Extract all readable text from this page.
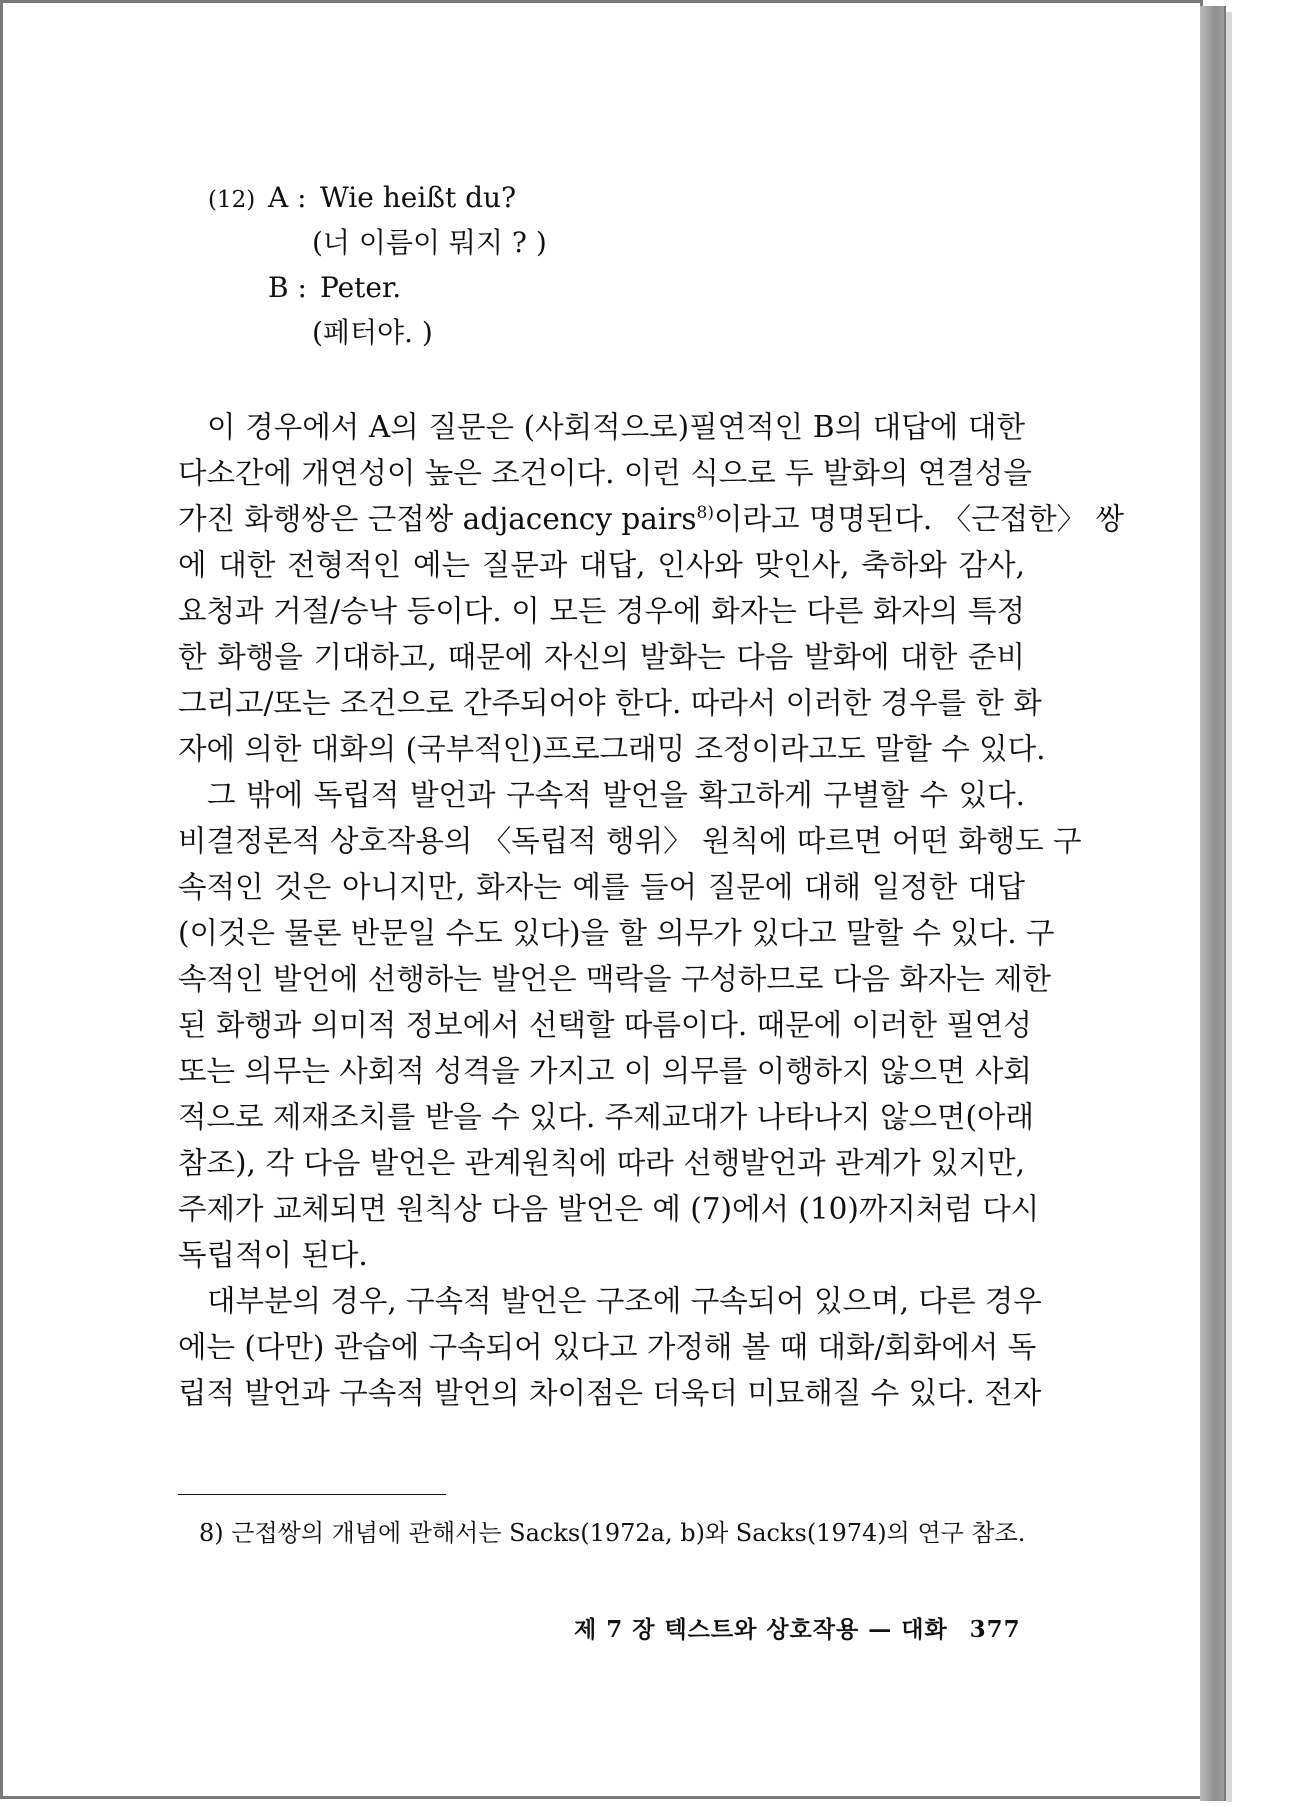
(12) A : Wie heißt du?
(너 이름이 뭐지 ? )
B : Peter.
(페터야. )
이 경우에서 A의 질문은 (사회적으로)필연적인 B의 대답에 대한
다소간에 개연성이 높은 조건이다. 이런 식으로 두 발화의 연결성을
가진 화행쌍은 근접쌍 adjacency pairs$^{8)}$이라고 명명된다. 〈근접한〉 쌍
에 대한 전형적인 예는 질문과 대답, 인사와 맞인사, 축하와 감사,
요청과 거절/승낙 등이다. 이 모든 경우에 화자는 다른 화자의 특정
한 화행을 기대하고, 때문에 자신의 발화는 다음 발화에 대한 준비
그리고/또는 조건으로 간주되어야 한다. 따라서 이러한 경우를 한 화
자에 의한 대화의 (국부적인)프로그래밍 조정이라고도 말할 수 있다.
그 밖에 독립적 발언과 구속적 발언을 확고하게 구별할 수 있다.
비결정론적 상호작용의 〈독립적 행위〉 원칙에 따르면 어떤 화행도 구
속적인 것은 아니지만, 화자는 예를 들어 질문에 대해 일정한 대답
(이것은 물론 반문일 수도 있다)을 할 의무가 있다고 말할 수 있다. 구
속적인 발언에 선행하는 발언은 맥락을 구성하므로 다음 화자는 제한
된 화행과 의미적 정보에서 선택할 따름이다. 때문에 이러한 필연성
또는 의무는 사회적 성격을 가지고 이 의무를 이행하지 않으면 사회
적으로 제재조치를 받을 수 있다. 주제교대가 나타나지 않으면(아래
참조), 각 다음 발언은 관계원칙에 따라 선행발언과 관계가 있지만,
주제가 교체되면 원칙상 다음 발언은 예 (7)에서 (10)까지처럼 다시
독립적이 된다.
대부분의 경우, 구속적 발언은 구조에 구속되어 있으며, 다른 경우
에는 (다만) 관습에 구속되어 있다고 가정해 볼 때 대화/회화에서 독
립적 발언과 구속적 발언의 차이점은 더욱더 미묘해질 수 있다. 전자
8) 근접쌍의 개념에 관해서는 Sacks(1972a, b)와 Sacks(1974)의 연구 참조.
제 7 장 텍스트와 상호작용 — 대화 377
